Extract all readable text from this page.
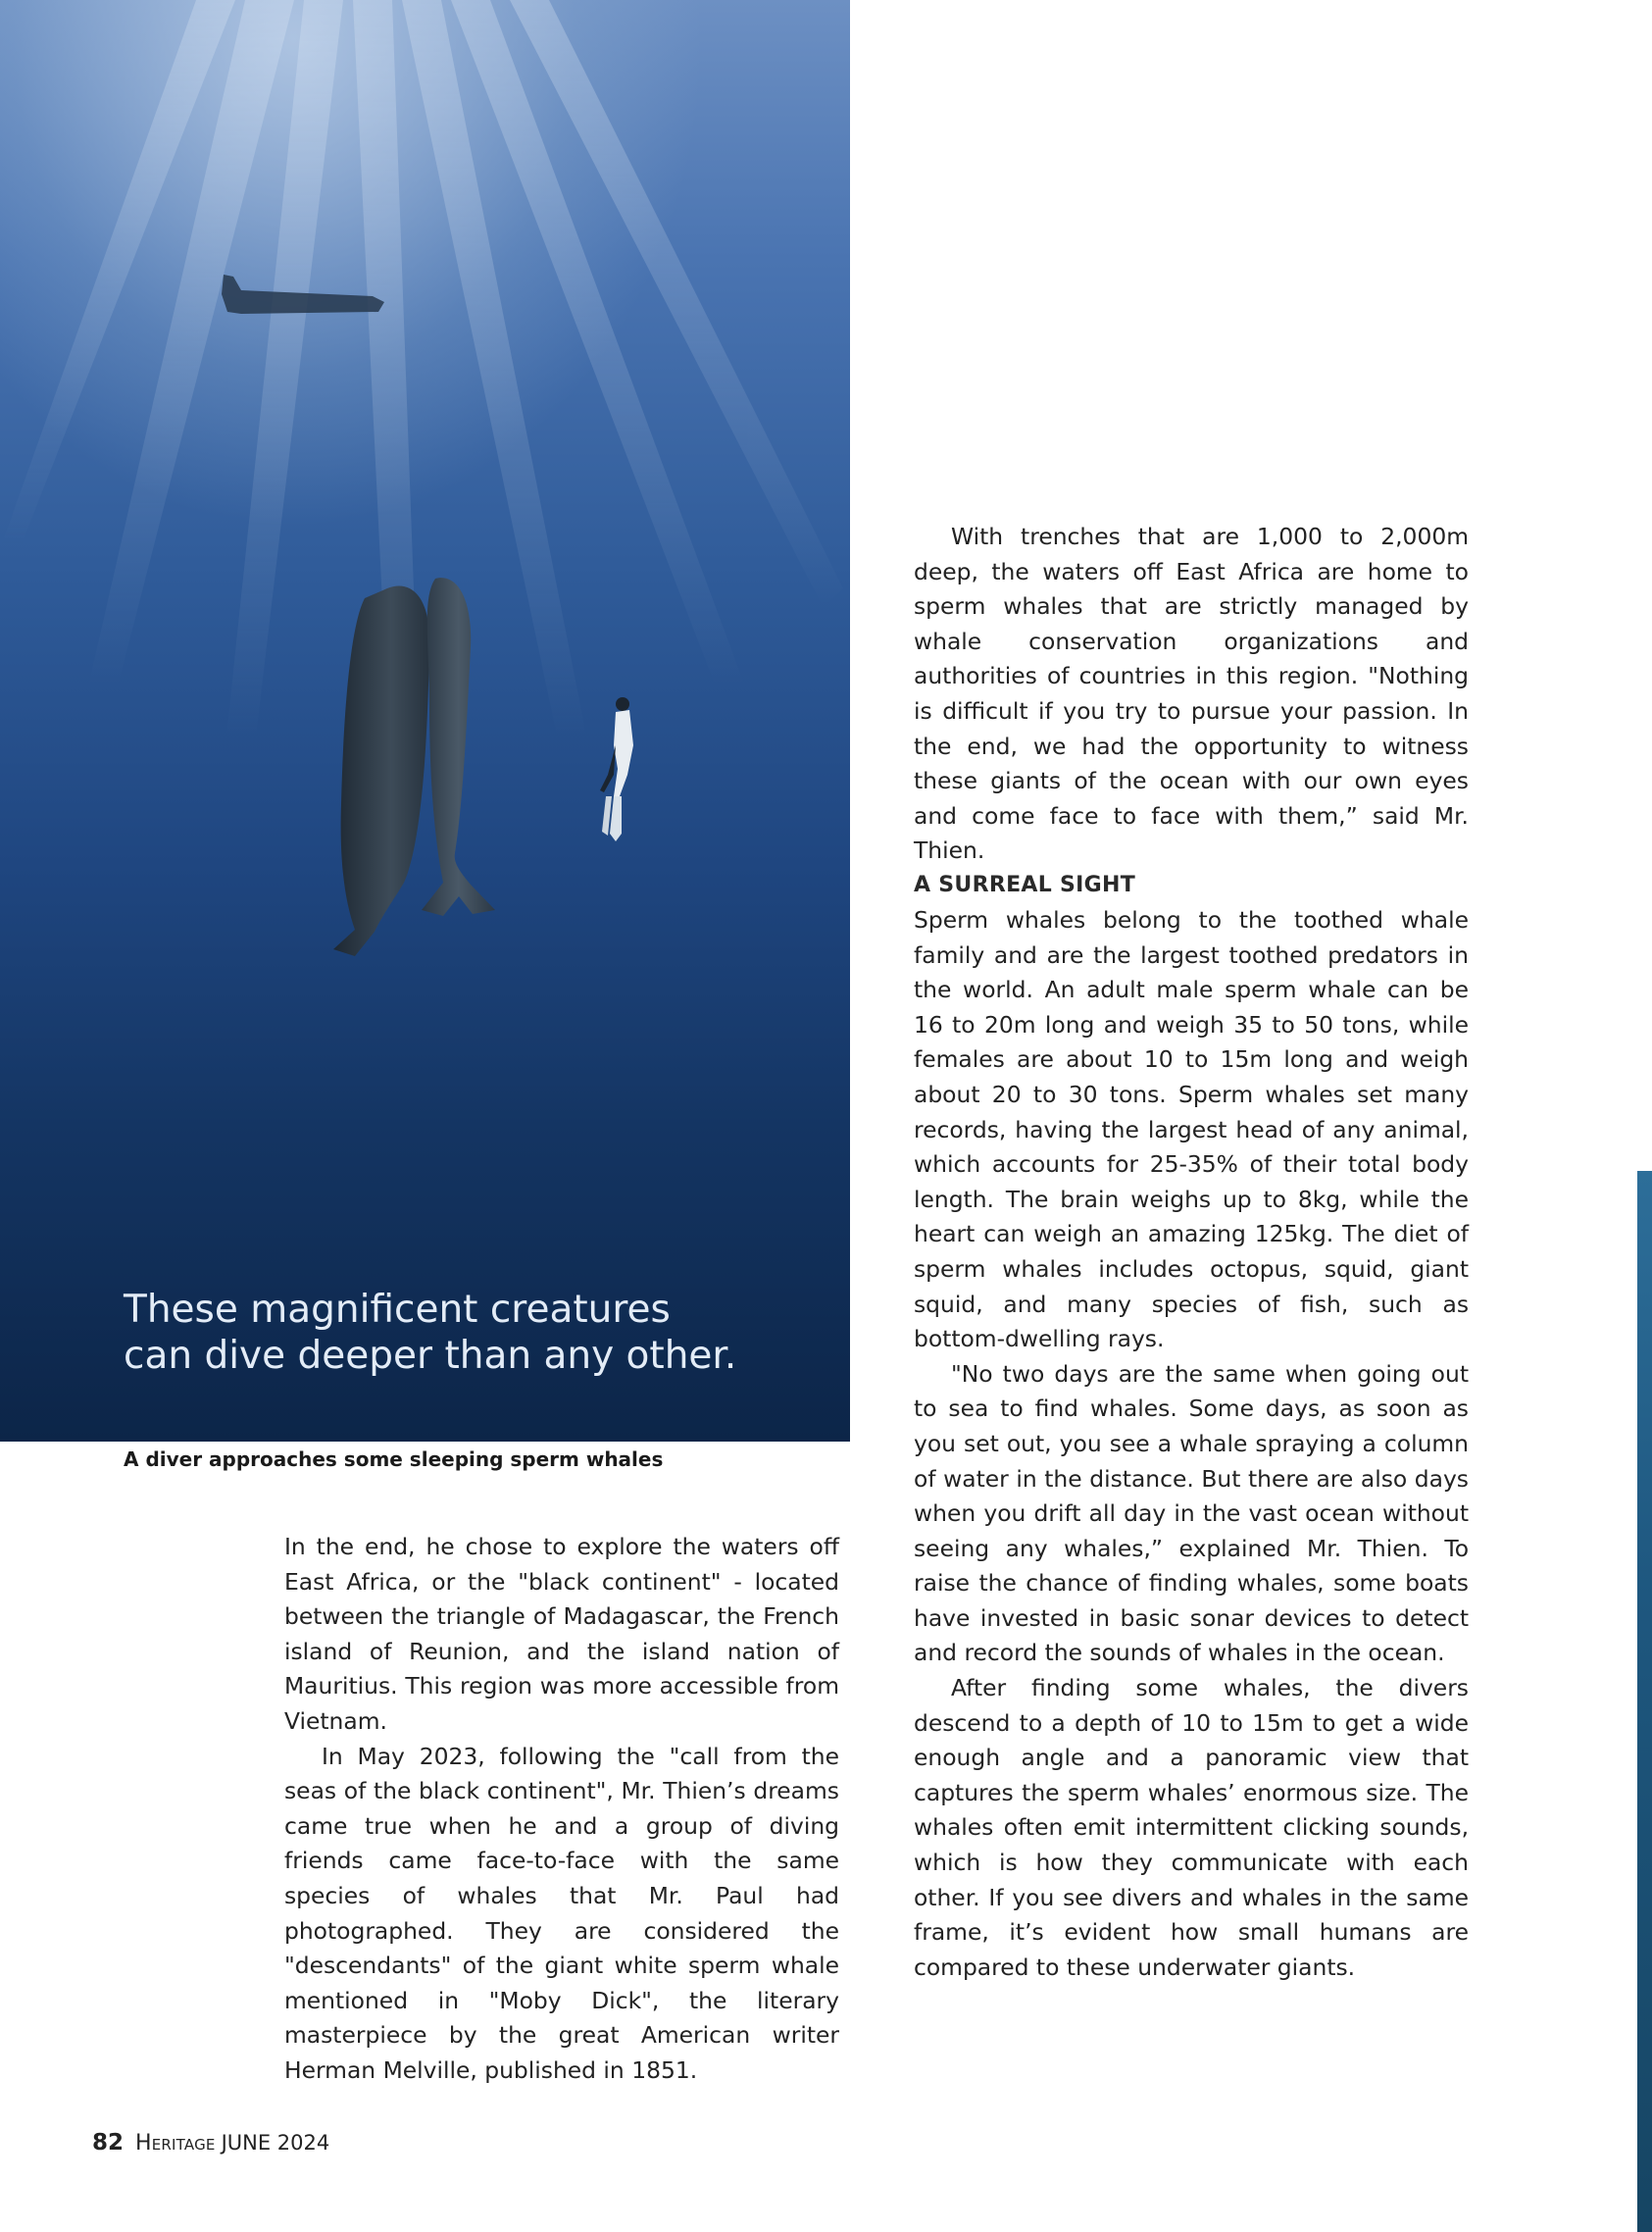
These magnificent creatures can dive deeper than any other.

A diver approaches some sleeping sperm whales

In the end, he chose to explore the waters off East Africa, or the "black continent" - located between the triangle of Madagascar, the French island of Reunion, and the island nation of Mauritius. This region was more accessible from Vietnam.

In May 2023, following the "call from the seas of the black continent", Mr. Thien’s dreams came true when he and a group of diving friends came face-to-face with the same species of whales that Mr. Paul had photographed. They are considered the "descendants" of the giant white sperm whale mentioned in "Moby Dick", the literary masterpiece by the great American writer Herman Melville, published in 1851.

With trenches that are 1,000 to 2,000m deep, the waters off East Africa are home to sperm whales that are strictly managed by whale conservation organizations and authorities of countries in this region. "Nothing is difficult if you try to pursue your passion. In the end, we had the opportunity to witness these giants of the ocean with our own eyes and come face to face with them,” said Mr. Thien.

A SURREAL SIGHT

Sperm whales belong to the toothed whale family and are the largest toothed predators in the world. An adult male sperm whale can be 16 to 20m long and weigh 35 to 50 tons, while females are about 10 to 15m long and weigh about 20 to 30 tons. Sperm whales set many records, having the largest head of any animal, which accounts for 25-35% of their total body length. The brain weighs up to 8kg, while the heart can weigh an amazing 125kg. The diet of sperm whales includes octopus, squid, giant squid, and many species of fish, such as bottom-dwelling rays.

"No two days are the same when going out to sea to find whales. Some days, as soon as you set out, you see a whale spraying a column of water in the distance. But there are also days when you drift all day in the vast ocean without seeing any whales,” explained Mr. Thien. To raise the chance of finding whales, some boats have invested in basic sonar devices to detect and record the sounds of whales in the ocean.

After finding some whales, the divers descend to a depth of 10 to 15m to get a wide enough angle and a panoramic view that captures the sperm whales’ enormous size. The whales often emit intermittent clicking sounds, which is how they communicate with each other. If you see divers and whales in the same frame, it’s evident how small humans are compared to these underwater giants.

82 Heritage JUNE 2024
